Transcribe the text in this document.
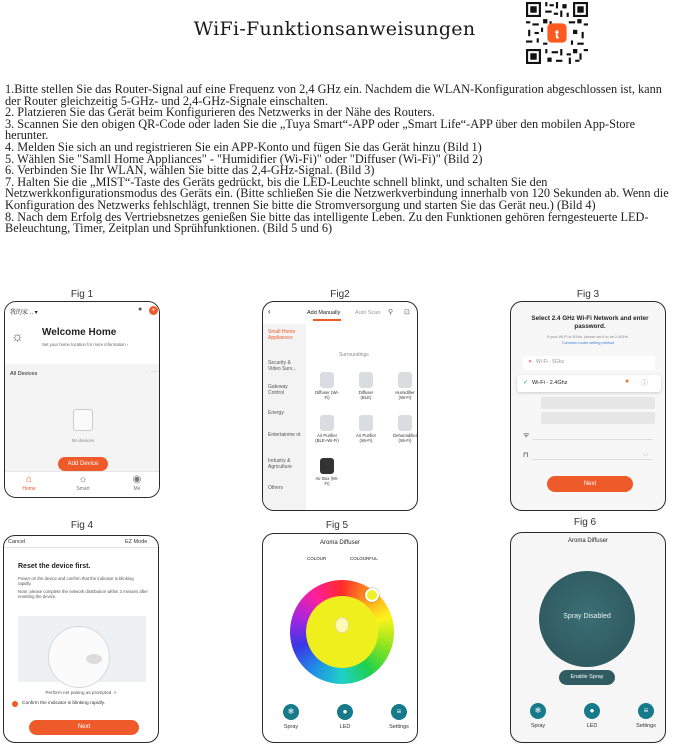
WiFi-Funktionsanweisungen	t

1.Bitte stellen Sie das Router-Signal auf eine Frequenz von 2,4 GHz ein. Nachdem die WLAN-Konfiguration abgeschlossen ist, kann der Router gleichzeitig 5-GHz- und 2,4-GHz-Signale einschalten.

2. Platzieren Sie das Gerät beim Konfigurieren des Netzwerks in der Nähe des Routers.

3. Scannen Sie den obigen QR-Code oder laden Sie die „Tuya Smart“-APP oder „Smart Life“-APP über den mobilen App-Store herunter.

4. Melden Sie sich an und registrieren Sie ein APP-Konto und fügen Sie das Gerät hinzu (Bild 1)

5. Wählen Sie "Samll Home Appliances" - "Humidifier (Wi-Fi)" oder "Diffuser (Wi-Fi)" (Bild 2)

6. Verbinden Sie Ihr WLAN, wählen Sie bitte das 2,4-GHz-Signal. (Bild 3)

7. Halten Sie die „MIST“-Taste des Geräts gedrückt, bis die LED-Leuchte schnell blinkt, und schalten Sie den Netzwerkkonfigurationsmodus des Geräts ein. (Bitte schließen Sie die Netzwerkverbindung innerhalb von 120 Sekunden ab. Wenn die Konfiguration des Netzwerks fehlschlägt, trennen Sie bitte die Stromversorgung und starten Sie das Gerät neu.) (Bild 4)

8. Nach dem Erfolg des Vertriebsnetzes genießen Sie bitte das intelligente Leben. Zu den Funktionen gehören ferngesteuerte LED-Beleuchtung, Timer, Zeitplan und Sprühfunktionen. (Bild 5 und 6)

Fig 1	Fig2	Fig 3
Fig 4	Fig 5	Fig 6
我的家 .. ▾	●	+
☼ Welcome Home
Set your home location for more information ›
All Devices	···
No devices
Add Device
⌂
Home
☼
Smart
◉
Me
‹	Add Manually	Auto Scan ⚲ ⊡
Small Home Appliances
Security & Video Surv...
Gateway Control
Energy
Entertainme nt
Industry & Agriculture
Others
Surroundings
Diffuser (Wi-Fi)
Diffuser (BLE)
Humidifier (Wi-Fi)
Air Purifier (BLE+Wi-Fi)
Air Purifier (Wi-Fi)
Dehumidifier (Wi-Fi)
Air Box (Wi-Fi)
Select 2.4 GHz Wi-Fi Network and enter password.
If your Wi-Fi is 5GHz, please set it to be 2.4GHz.
Common router setting method
✕ Wi-Fi - 5Ghz
✓ Wi-Fi - 2.4Ghz	● ⓘ
ᯤ
⊓	◡
Next
Cancel	EZ Mode
Reset the device first.
Power on the device and confirm that the indicator is blinking rapidly.
Note: please complete the network distribution within 3 minutes after resetting the device.
Perform net pairing as prompted. >
Confirm the indicator is blinking rapidly.
Next
Aroma Diffuser
COLOUR	COLOURFUL
❄	●	≡
Spray	LED	Settings
Aroma Diffuser
Spray Disabled
Enable Spray
❄	●	≡
Spray	LED	Settings
